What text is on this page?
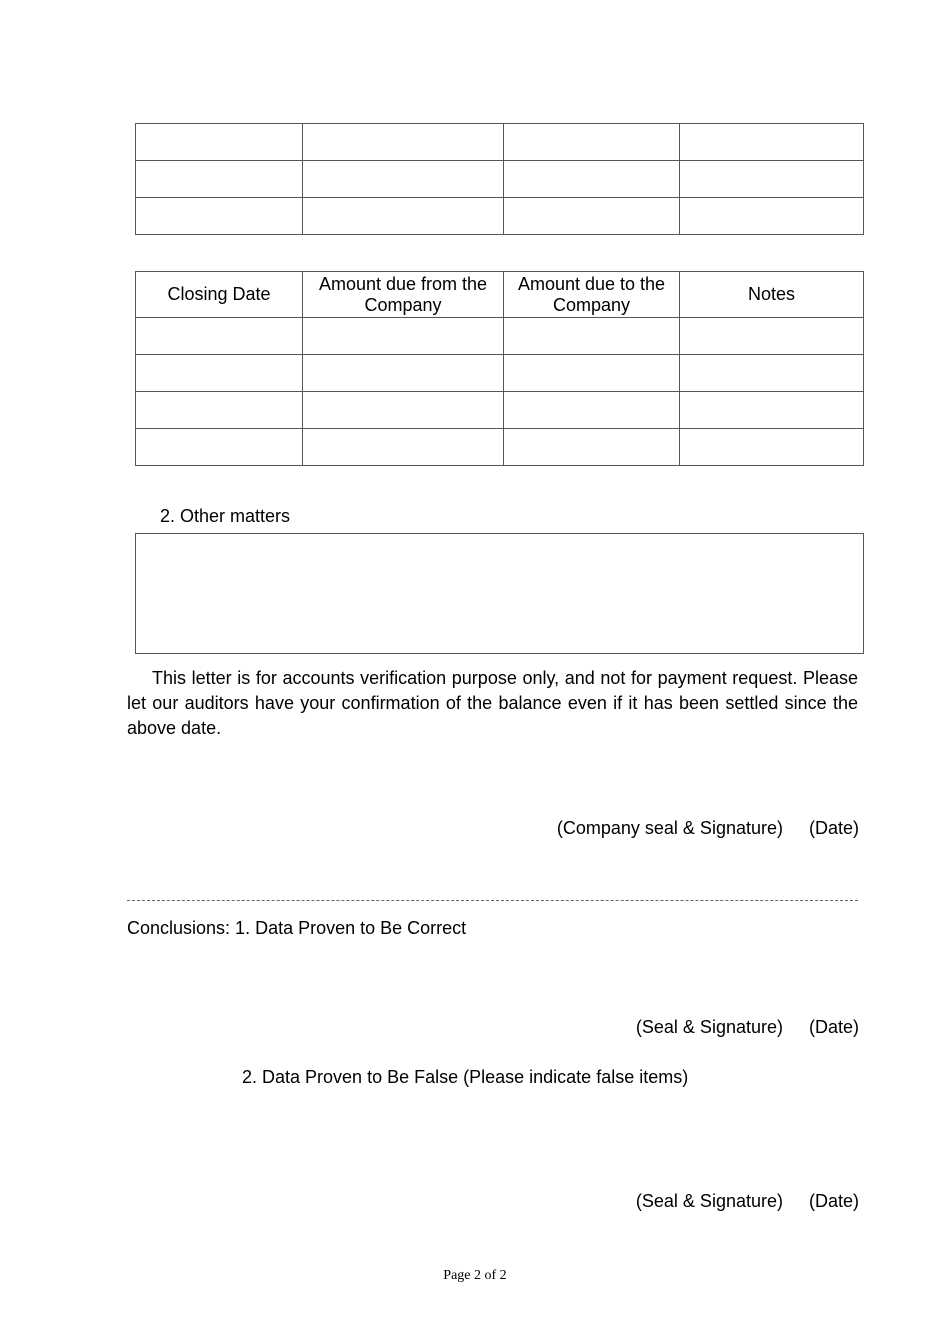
Closing Date	Amount due from the Company	Amount due to the Company	Notes

2. Other matters
This letter is for accounts verification purpose only, and not for payment request. Please let our auditors have your confirmation of the balance even if it has been settled since the above date.
(Company seal & Signature) (Date)
Conclusions: 1. Data Proven to Be Correct
(Seal & Signature) (Date)
2. Data Proven to Be False (Please indicate false items)
(Seal & Signature) (Date)
Page 2 of 2
